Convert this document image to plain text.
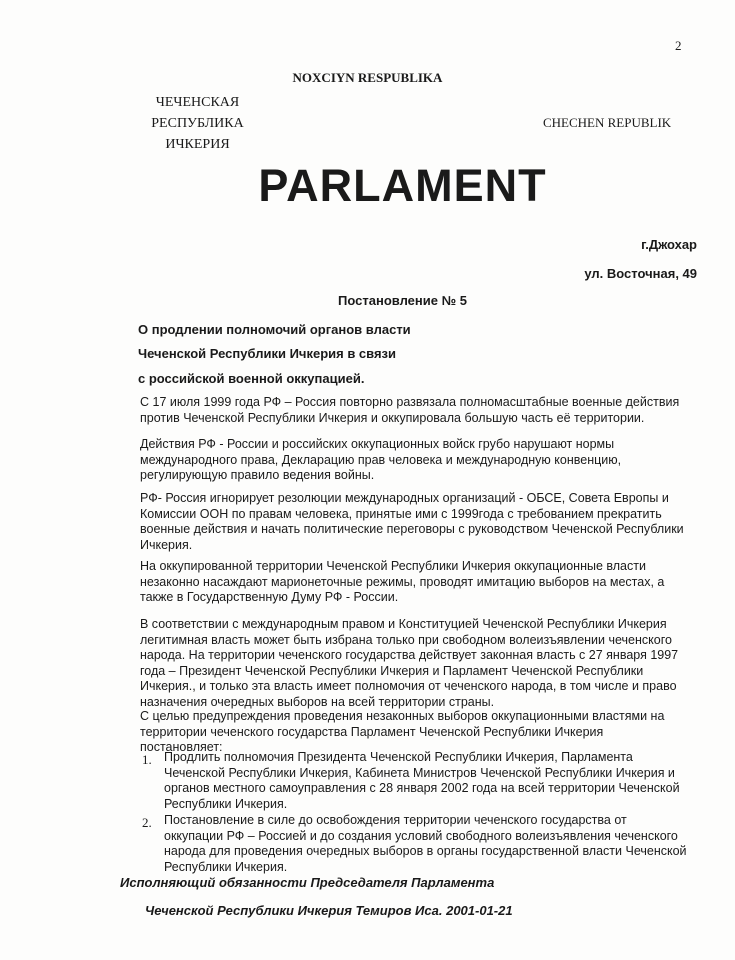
2
NOXCIYN RESPUBLIKA
ЧЕЧЕНСКАЯ
РЕСПУБЛИКА
ИЧКЕРИЯ
CHECHEN REPUBLIK
PARLAMENT
г.Джохар
ул. Восточная, 49
Постановление № 5
О продлении полномочий органов власти
Чеченской Республики Ичкерия в связи
с российской военной оккупацией.
С 17 июля 1999 года РФ – Россия повторно развязала полномасштабные военные действия против Чеченской Республики Ичкерия и оккупировала большую часть её территории.
Действия РФ - России и российских оккупационных войск грубо нарушают нормы международного права, Декларацию прав человека и международную конвенцию, регулирующую правило ведения войны.
РФ- Россия игнорирует резолюции международных организаций - ОБСЕ, Совета Европы и Комиссии ООН по правам человека, принятые ими с 1999года с требованием прекратить военные действия и начать политические переговоры с руководством Чеченской Республики Ичкерия.
На оккупированной территории Чеченской Республики Ичкерия оккупационные власти незаконно насаждают марионеточные режимы, проводят имитацию выборов на местах, а также в Государственную Думу РФ - России.
В соответствии с международным правом и Конституцией Чеченской Республики Ичкерия легитимная власть может быть избрана только при свободном волеизъявлении чеченского народа. На территории чеченского государства действует законная власть с 27 января 1997 года – Президент Чеченской Республики Ичкерия и Парламент Чеченской Республики Ичкерия., и только эта власть имеет полномочия от чеченского народа, в том числе и право назначения очередных выборов на всей территории страны.
С целью предупреждения проведения незаконных выборов оккупационными властями на территории чеченского государства Парламент Чеченской Республики Ичкерия постановляет:
1. Продлить полномочия Президента Чеченской Республики Ичкерия, Парламента Чеченской Республики Ичкерия, Кабинета Министров Чеченской Республики Ичкерия и органов местного самоуправления с 28 января 2002 года на всей территории Чеченской Республики Ичкерия.
2. Постановление в силе до освобождения территории чеченского государства от оккупации РФ – Россией и до создания условий свободного волеизъявления чеченского народа для проведения очередных выборов в органы государственной власти Чеченской Республики Ичкерия.
Исполняющий обязанности Председателя Парламента
Чеченской Республики Ичкерия Темиров Иса. 2001-01-21
